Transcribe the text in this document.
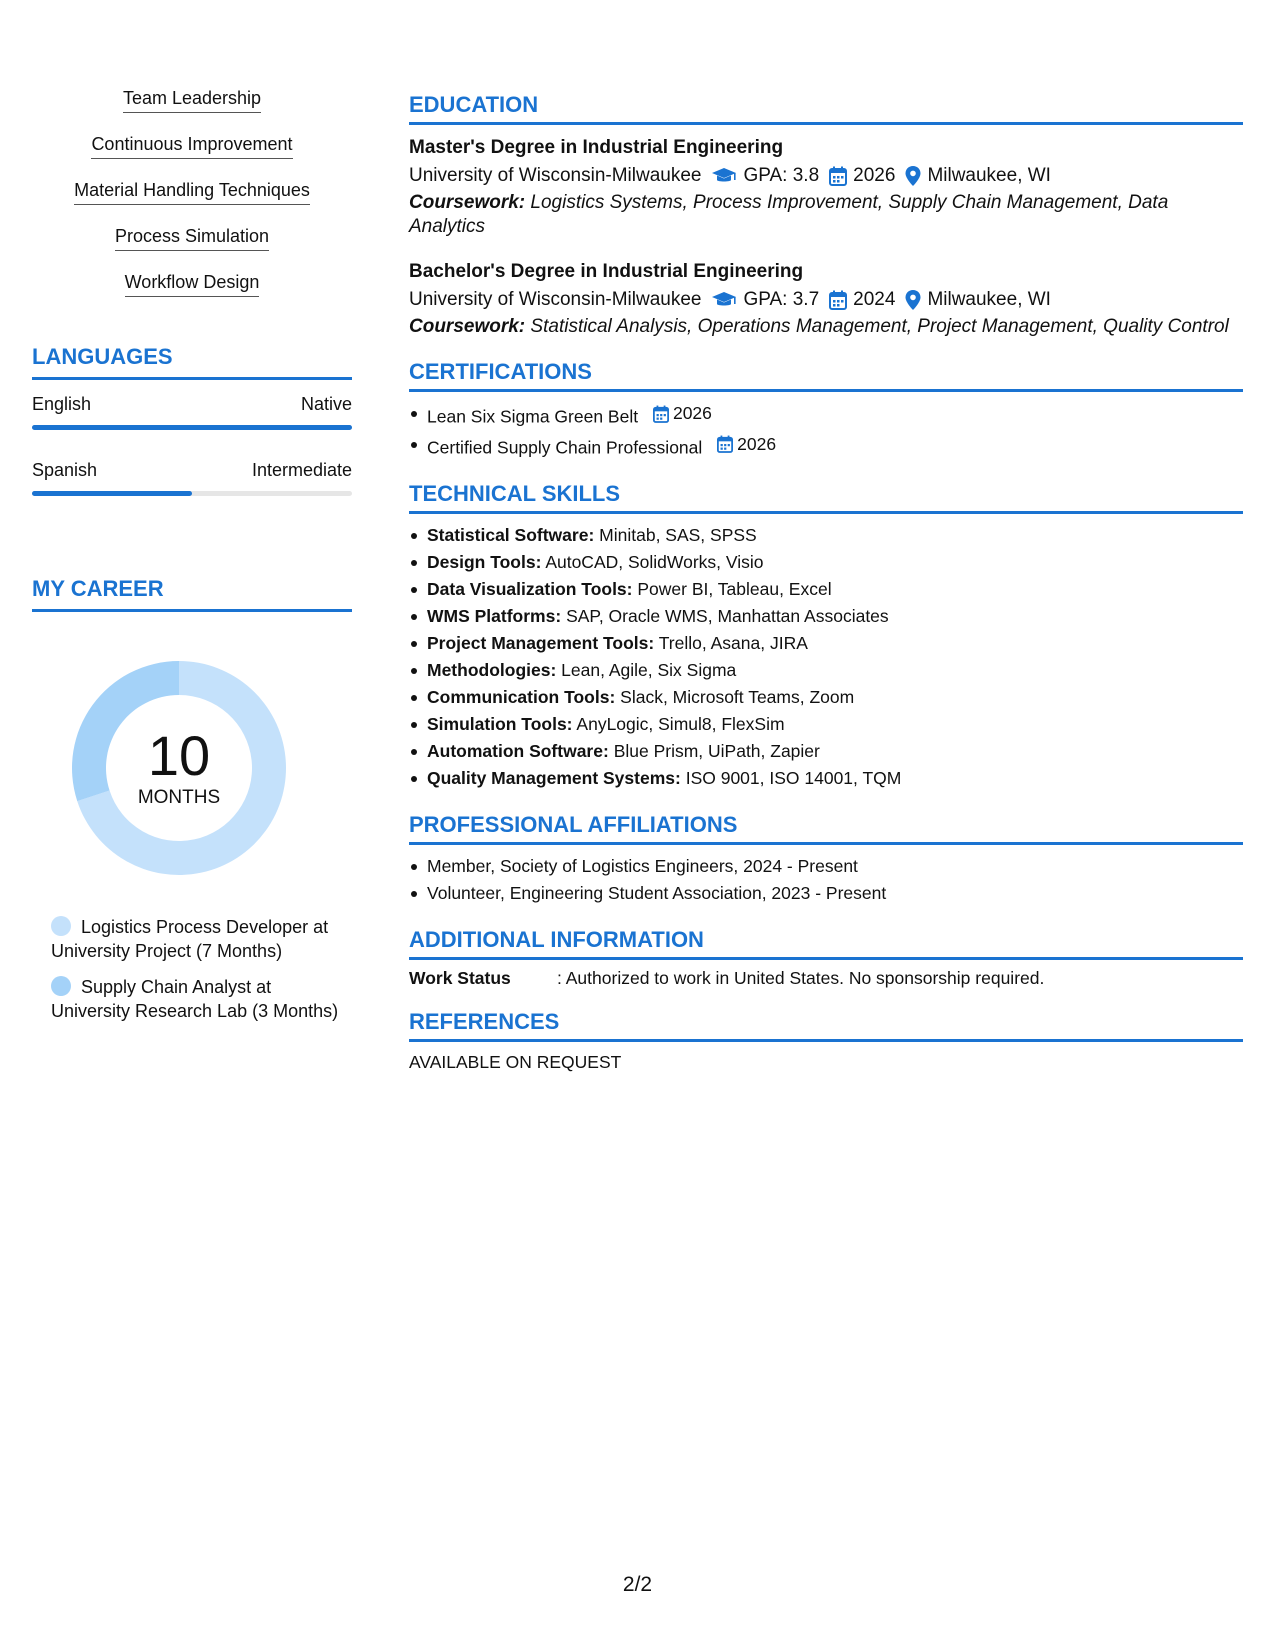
Team Leadership
Continuous Improvement
Material Handling Techniques
Process Simulation
Workflow Design
LANGUAGES
English	Native
Spanish	Intermediate
MY CAREER
10
MONTHS
Logistics Process Developer at University Project (7 Months)
Supply Chain Analyst at University Research Lab (3 Months)
EDUCATION
Master's Degree in Industrial Engineering
University of Wisconsin-Milwaukee GPA: 3.8 2026 Milwaukee, WI
Coursework: Logistics Systems, Process Improvement, Supply Chain Management, Data Analytics
Bachelor's Degree in Industrial Engineering
University of Wisconsin-Milwaukee GPA: 3.7 2024 Milwaukee, WI
Coursework: Statistical Analysis, Operations Management, Project Management, Quality Control
CERTIFICATIONS
Lean Six Sigma Green Belt 2026
Certified Supply Chain Professional 2026
TECHNICAL SKILLS
Statistical Software: Minitab, SAS, SPSS
Design Tools: AutoCAD, SolidWorks, Visio
Data Visualization Tools: Power BI, Tableau, Excel
WMS Platforms: SAP, Oracle WMS, Manhattan Associates
Project Management Tools: Trello, Asana, JIRA
Methodologies: Lean, Agile, Six Sigma
Communication Tools: Slack, Microsoft Teams, Zoom
Simulation Tools: AnyLogic, Simul8, FlexSim
Automation Software: Blue Prism, UiPath, Zapier
Quality Management Systems: ISO 9001, ISO 14001, TQM
PROFESSIONAL AFFILIATIONS
Member, Society of Logistics Engineers, 2024 - Present
Volunteer, Engineering Student Association, 2023 - Present
ADDITIONAL INFORMATION
Work Status	: Authorized to work in United States. No sponsorship required.
REFERENCES
AVAILABLE ON REQUEST
2/2
